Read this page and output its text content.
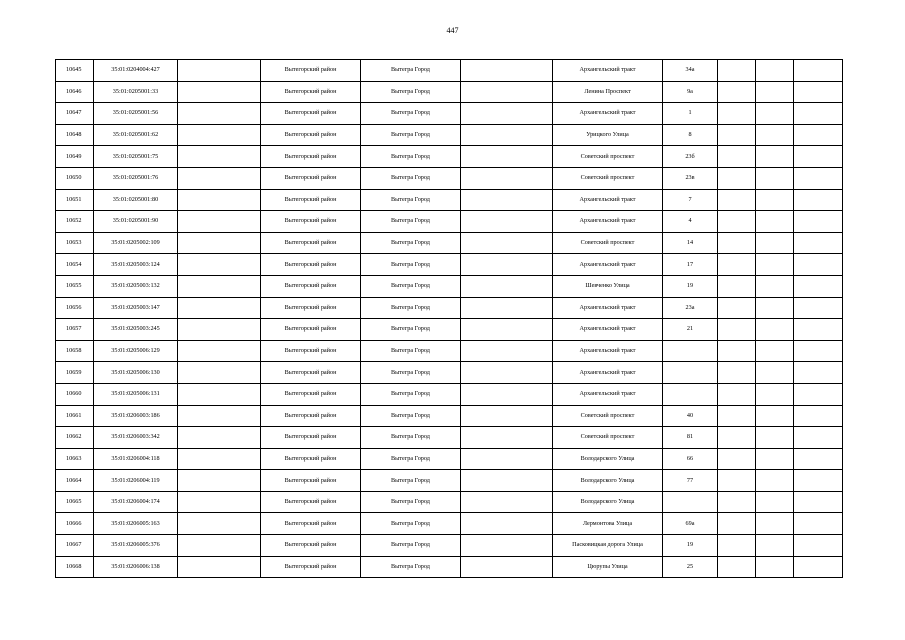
447
10645	35:01:0204004:427		Вытегорский район	Вытегра Город		Архангельский тракт	34а			
10646	35:01:0205001:33		Вытегорский район	Вытегра Город		Ленина Проспект	9а			
10647	35:01:0205001:56		Вытегорский район	Вытегра Город		Архангельский тракт	1			
10648	35:01:0205001:62		Вытегорский район	Вытегра Город		Урицкого Улица	8			
10649	35:01:0205001:75		Вытегорский район	Вытегра Город		Советский проспект	23б			
10650	35:01:0205001:76		Вытегорский район	Вытегра Город		Советский проспект	23в			
10651	35:01:0205001:80		Вытегорский район	Вытегра Город		Архангельский тракт	7			
10652	35:01:0205001:90		Вытегорский район	Вытегра Город		Архангельский тракт	4			
10653	35:01:0205002:109		Вытегорский район	Вытегра Город		Советский проспект	14			
10654	35:01:0205003:124		Вытегорский район	Вытегра Город		Архангельский тракт	17			
10655	35:01:0205003:132		Вытегорский район	Вытегра Город		Шевченко Улица	19			
10656	35:01:0205003:147		Вытегорский район	Вытегра Город		Архангельский тракт	23а			
10657	35:01:0205003:245		Вытегорский район	Вытегра Город		Архангельский тракт	21			
10658	35:01:0205006:129		Вытегорский район	Вытегра Город		Архангельский тракт				
10659	35:01:0205006:130		Вытегорский район	Вытегра Город		Архангельский тракт				
10660	35:01:0205006:131		Вытегорский район	Вытегра Город		Архангельский тракт				
10661	35:01:0206003:186		Вытегорский район	Вытегра Город		Советский проспект	40			
10662	35:01:0206003:342		Вытегорский район	Вытегра Город		Советский проспект	81			
10663	35:01:0206004:118		Вытегорский район	Вытегра Город		Володарского Улица	66			
10664	35:01:0206004:119		Вытегорский район	Вытегра Город		Володарского Улица	77			
10665	35:01:0206004:174		Вытегорский район	Вытегра Город		Володарского Улица				
10666	35:01:0206005:163		Вытегорский район	Вытегра Город		Лермонтова Улица	69а			
10667	35:01:0206005:376		Вытегорский район	Вытегра Город		Пасковицкая дорога Улица	19			
10668	35:01:0206006:138		Вытегорский район	Вытегра Город		Цюрупы Улица	25			
